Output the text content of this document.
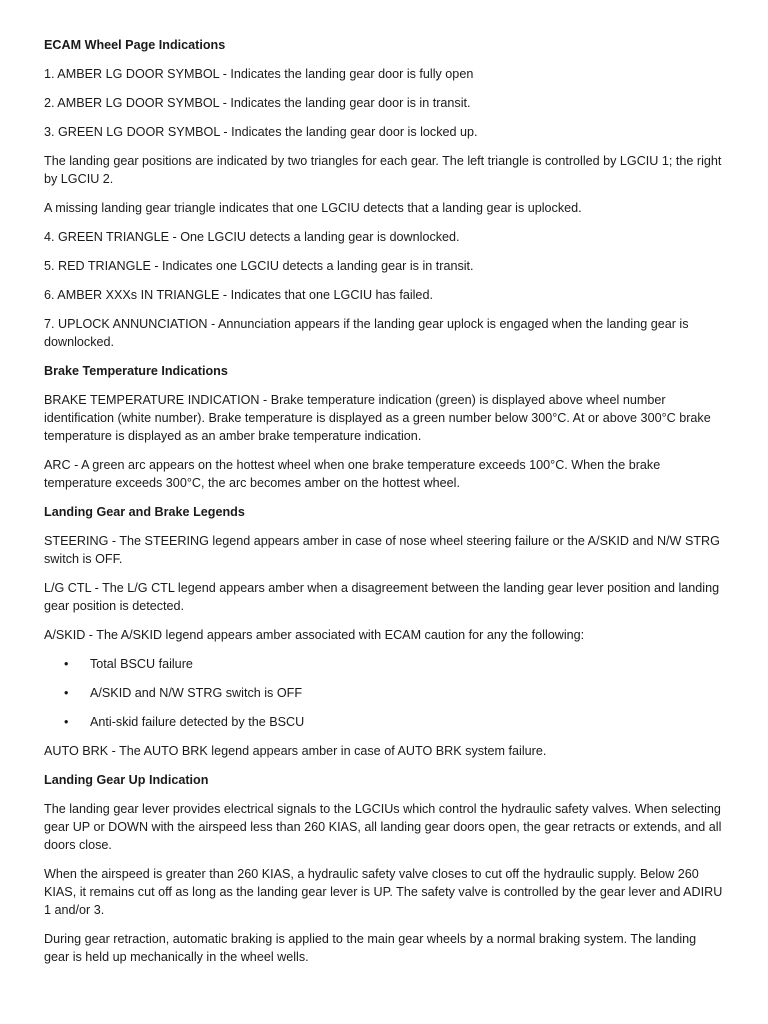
ECAM Wheel Page Indications

1. AMBER LG DOOR SYMBOL - Indicates the landing gear door is fully open

2. AMBER LG DOOR SYMBOL - Indicates the landing gear door is in transit.

3. GREEN LG DOOR SYMBOL - Indicates the landing gear door is locked up.

The landing gear positions are indicated by two triangles for each gear. The left triangle is controlled by LGCIU 1; the right by LGCIU 2.

A missing landing gear triangle indicates that one LGCIU detects that a landing gear is uplocked.

4. GREEN TRIANGLE - One LGCIU detects a landing gear is downlocked.

5. RED TRIANGLE - Indicates one LGCIU detects a landing gear is in transit.

6. AMBER XXXs IN TRIANGLE - Indicates that one LGCIU has failed.

7. UPLOCK ANNUNCIATION - Annunciation appears if the landing gear uplock is engaged when the landing gear is downlocked.

Brake Temperature Indications

BRAKE TEMPERATURE INDICATION - Brake temperature indication (green) is displayed above wheel number identification (white number). Brake temperature is displayed as a green number below 300°C. At or above 300°C brake temperature is displayed as an amber brake temperature indication.

ARC - A green arc appears on the hottest wheel when one brake temperature exceeds 100°C. When the brake temperature exceeds 300°C, the arc becomes amber on the hottest wheel.

Landing Gear and Brake Legends

STEERING - The STEERING legend appears amber in case of nose wheel steering failure or the A/SKID and N/W STRG switch is OFF.

L/G CTL - The L/G CTL legend appears amber when a disagreement between the landing gear lever position and landing gear position is detected.

A/SKID - The A/SKID legend appears amber associated with ECAM caution for any the following:

• Total BSCU failure
• A/SKID and N/W STRG switch is OFF
• Anti-skid failure detected by the BSCU

AUTO BRK - The AUTO BRK legend appears amber in case of AUTO BRK system failure.

Landing Gear Up Indication

The landing gear lever provides electrical signals to the LGCIUs which control the hydraulic safety valves. When selecting gear UP or DOWN with the airspeed less than 260 KIAS, all landing gear doors open, the gear retracts or extends, and all doors close.

When the airspeed is greater than 260 KIAS, a hydraulic safety valve closes to cut off the hydraulic supply. Below 260 KIAS, it remains cut off as long as the landing gear lever is UP. The safety valve is controlled by the gear lever and ADIRU 1 and/or 3.

During gear retraction, automatic braking is applied to the main gear wheels by a normal braking system. The landing gear is held up mechanically in the wheel wells.
